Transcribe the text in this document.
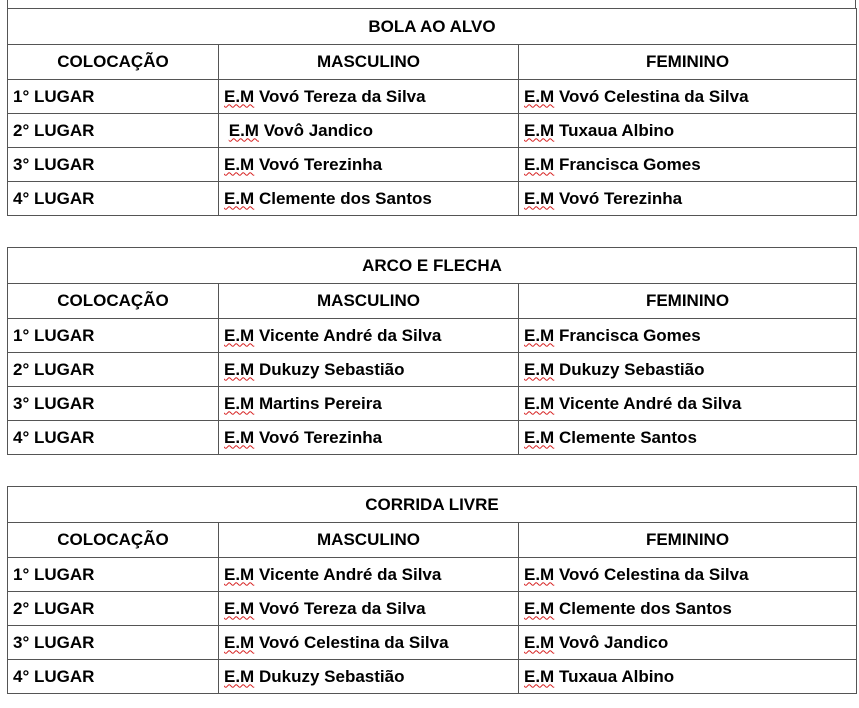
BOLA AO ALVO		
COLOCAÇÃO	MASCULINO	FEMININO
1° LUGAR	E.M Vovó Tereza da Silva	E.M Vovó Celestina da Silva
2° LUGAR	E.M Vovô Jandico	E.M Tuxaua Albino
3° LUGAR	E.M Vovó Terezinha	E.M Francisca Gomes
4° LUGAR	E.M Clemente dos Santos	E.M Vovó Terezinha
ARCO E FLECHA		
COLOCAÇÃO	MASCULINO	FEMININO
1° LUGAR	E.M Vicente André da Silva	E.M Francisca Gomes
2° LUGAR	E.M Dukuzy Sebastião	E.M Dukuzy Sebastião
3° LUGAR	E.M Martins Pereira	E.M Vicente André da Silva
4° LUGAR	E.M Vovó Terezinha	E.M Clemente Santos
CORRIDA LIVRE		
COLOCAÇÃO	MASCULINO	FEMININO
1° LUGAR	E.M Vicente André da Silva	E.M Vovó Celestina da Silva
2° LUGAR	E.M Vovó Tereza da Silva	E.M Clemente dos Santos
3° LUGAR	E.M Vovó Celestina da Silva	E.M Vovô Jandico
4° LUGAR	E.M Dukuzy Sebastião	E.M Tuxaua Albino
